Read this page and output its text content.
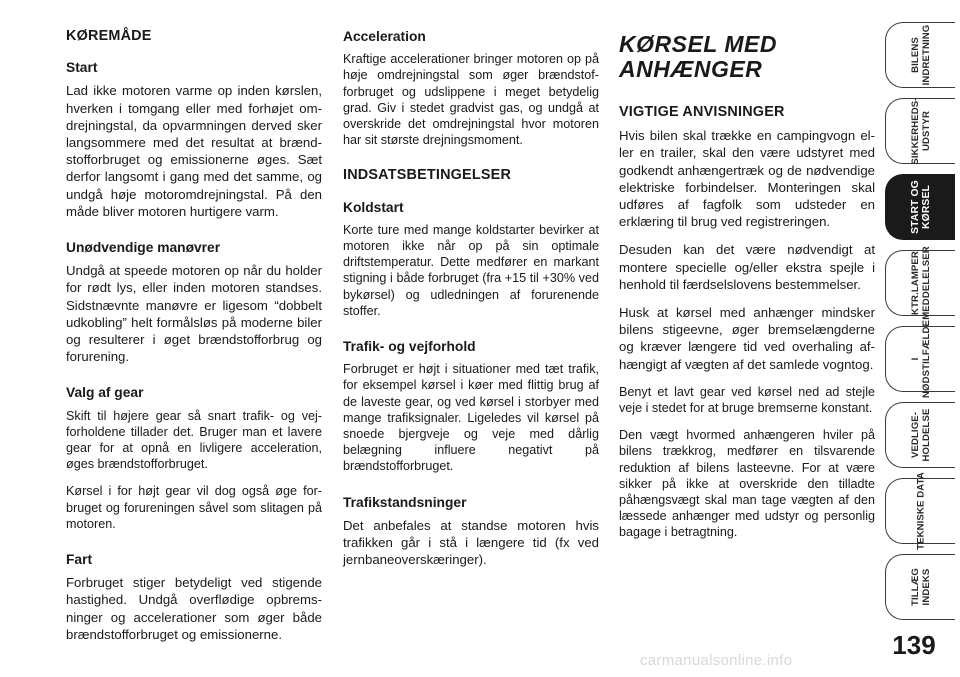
KØREMÅDE
Start

Lad ikke motoren varme op inden kørslen, hverken i tomgang eller med forhøjet omdrejningstal, da opvarmningen derved sker langsommere med det resultat at brændstofforbruget og emissionerne øges. Sæt derfor langsomt i gang med det samme, og undgå høje motoromdrejningstal. På den måde bliver motoren hurtigere varm.

Unødvendige manøvrer

Undgå at speede motoren op når du holder for rødt lys, eller inden motoren standses. Sidstnævnte manøvre er ligesom “dobbelt udkobling” helt formålsløs på moderne biler og resulterer i øget brændstofforbrug og forurening.

Valg af gear

Skift til højere gear så snart trafik- og vejforholdene tillader det. Bruger man et lavere gear for at opnå en livligere acceleration, øges brændstofforbruget.

Kørsel i for højt gear vil dog også øge forbruget og forureningen såvel som slitagen på motoren.

Fart

Forbruget stiger betydeligt ved stigende hastighed. Undgå overflødige opbremsninger og accelerationer som øger både brændstofforbruget og emissionerne.

Acceleration

Kraftige accelerationer bringer motoren op på høje omdrejningstal som øger brændstofforbruget og udslippene i meget betydelig grad. Giv i stedet gradvist gas, og undgå at overskride det omdrejningstal hvor motoren har sit største drejningsmoment.

INDSATSBETINGELSER
Koldstart

Korte ture med mange koldstarter bevirker at motoren ikke når op på sin optimale driftstemperatur. Dette medfører en markant stigning i både forbruget (fra +15 til +30% ved bykørsel) og udledningen af forurenende stoffer.

Trafik- og vejforhold

Forbruget er højt i situationer med tæt trafik, for eksempel kørsel i køer med flittig brug af de laveste gear, og ved kørsel i storbyer med mange trafiksignaler. Ligeledes vil kørsel på snoede bjergveje og veje med dårlig belægning influere negativt på brændstofforbruget.

Trafikstandsninger

Det anbefales at standse motoren hvis trafikken går i stå i længere tid (fx ved jernbaneoverskæringer).

KØRSEL MED
ANHÆNGER
VIGTIGE ANVISNINGER

Hvis bilen skal trække en campingvogn eller en trailer, skal den være udstyret med godkendt anhængertræk og de nødvendige elektriske forbindelser. Monteringen skal udføres af fagfolk som udsteder en erklæring til brug ved registreringen.

Desuden kan det være nødvendigt at montere specielle og/eller ekstra spejle i henhold til færdselslovens bestemmelser.

Husk at kørsel med anhænger mindsker bilens stigeevne, øger bremselængderne og kræver længere tid ved overhaling afhængigt af vægten af det samlede vogntog.

Benyt et lavt gear ved kørsel ned ad stejle veje i stedet for at bruge bremserne konstant.

Den vægt hvormed anhængeren hviler på bilens trækkrog, medfører en tilsvarende reduktion af bilens lasteevne. For at være sikker på ikke at overskride den tilladte påhængsvægt skal man tage vægten af den læssede anhænger med udstyr og personlig bagage i betragtning.

BILENS
INDRETNING
SIKKERHEDS-
UDSTYR
START OG
KØRSEL
KTR.LAMPER
MEDDELELSER
I
NØDSTILFÆLDE
VEDLIGE-
HOLDELSE
TEKNISKE DATA
TILLÆG
INDEKS
139
carmanualsonline.info
